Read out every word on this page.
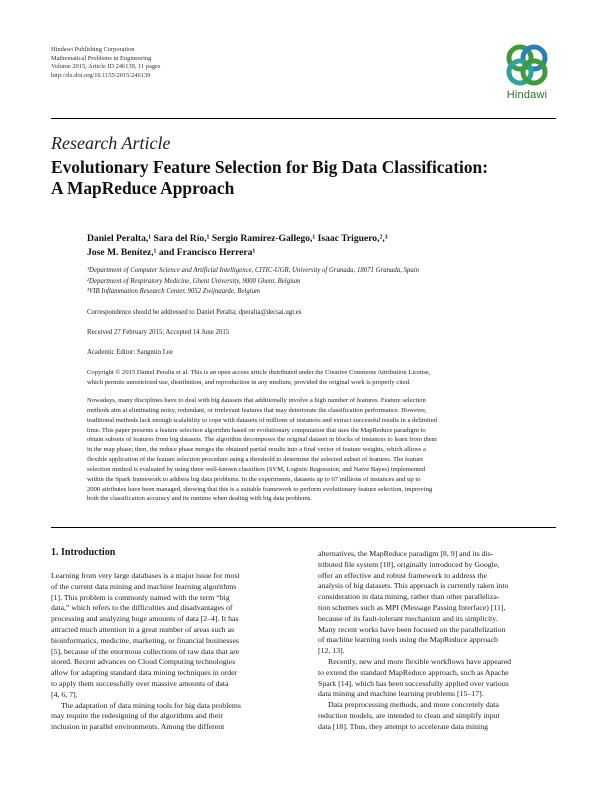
Hindawi Publishing Corporation
Mathematical Problems in Engineering
Volume 2015, Article ID 246139, 11 pages
http://dx.doi.org/10.1155/2015/246139
Hindawi
Research Article
Evolutionary Feature Selection for Big Data Classification:
A MapReduce Approach
Daniel Peralta,¹ Sara del Río,¹ Sergio Ramírez-Gallego,¹ Isaac Triguero,²,³
Jose M. Benítez,¹ and Francisco Herrera¹
¹Department of Computer Science and Artificial Intelligence, CITIC-UGR, University of Granada, 18071 Granada, Spain
²Department of Respiratory Medicine, Ghent University, 9000 Ghent, Belgium
³VIB Inflammation Research Center, 9052 Zwijnaarde, Belgium
Correspondence should be addressed to Daniel Peralta; dperalta@decsai.ugr.es
Received 27 February 2015; Accepted 14 June 2015
Academic Editor: Sangmin Lee
Copyright © 2015 Daniel Peralta et al. This is an open access article distributed under the Creative Commons Attribution License,
which permits unrestricted use, distribution, and reproduction in any medium, provided the original work is properly cited.
Nowadays, many disciplines have to deal with big datasets that additionally involve a high number of features. Feature selection
methods aim at eliminating noisy, redundant, or irrelevant features that may deteriorate the classification performance. However,
traditional methods lack enough scalability to cope with datasets of millions of instances and extract successful results in a delimited
time. This paper presents a feature selection algorithm based on evolutionary computation that uses the MapReduce paradigm to
obtain subsets of features from big datasets. The algorithm decomposes the original dataset in blocks of instances to learn from them
in the map phase; then, the reduce phase merges the obtained partial results into a final vector of feature weights, which allows a
flexible application of the feature selection procedure using a threshold to determine the selected subset of features. The feature
selection method is evaluated by using three well-known classifiers (SVM, Logistic Regression, and Naive Bayes) implemented
within the Spark framework to address big data problems. In the experiments, datasets up to 67 millions of instances and up to
2000 attributes have been managed, showing that this is a suitable framework to perform evolutionary feature selection, improving
both the classification accuracy and its runtime when dealing with big data problems.
1. Introduction
Learning from very large databases is a major issue for most
of the current data mining and machine learning algorithms
[1]. This problem is commonly named with the term “big
data,” which refers to the difficulties and disadvantages of
processing and analyzing huge amounts of data [2–4]. It has
attracted much attention in a great number of areas such as
bioinformatics, medicine, marketing, or financial businesses
[5], because of the enormous collections of raw data that are
stored. Recent advances on Cloud Computing technologies
allow for adapting standard data mining techniques in order
to apply them successfully over massive amounts of data
[4, 6, 7].
The adaptation of data mining tools for big data problems
may require the redesigning of the algorithms and their
inclusion in parallel environments. Among the different
alternatives, the MapReduce paradigm [8, 9] and its dis-
tributed file system [10], originally introduced by Google,
offer an effective and robust framework to address the
analysis of big datasets. This approach is currently taken into
consideration in data mining, rather than other paralleliza-
tion schemes such as MPI (Message Passing Interface) [11],
because of its fault-tolerant mechanism and its simplicity.
Many recent works have been focused on the parallelization
of machine learning tools using the MapReduce approach
[12, 13].
Recently, new and more flexible workflows have appeared
to extend the standard MapReduce approach, such as Apache
Spark [14], which has been successfully applied over various
data mining and machine learning problems [15–17].
Data preprocessing methods, and more concretely data
reduction models, are intended to clean and simplify input
data [18]. Thus, they attempt to accelerate data mining
